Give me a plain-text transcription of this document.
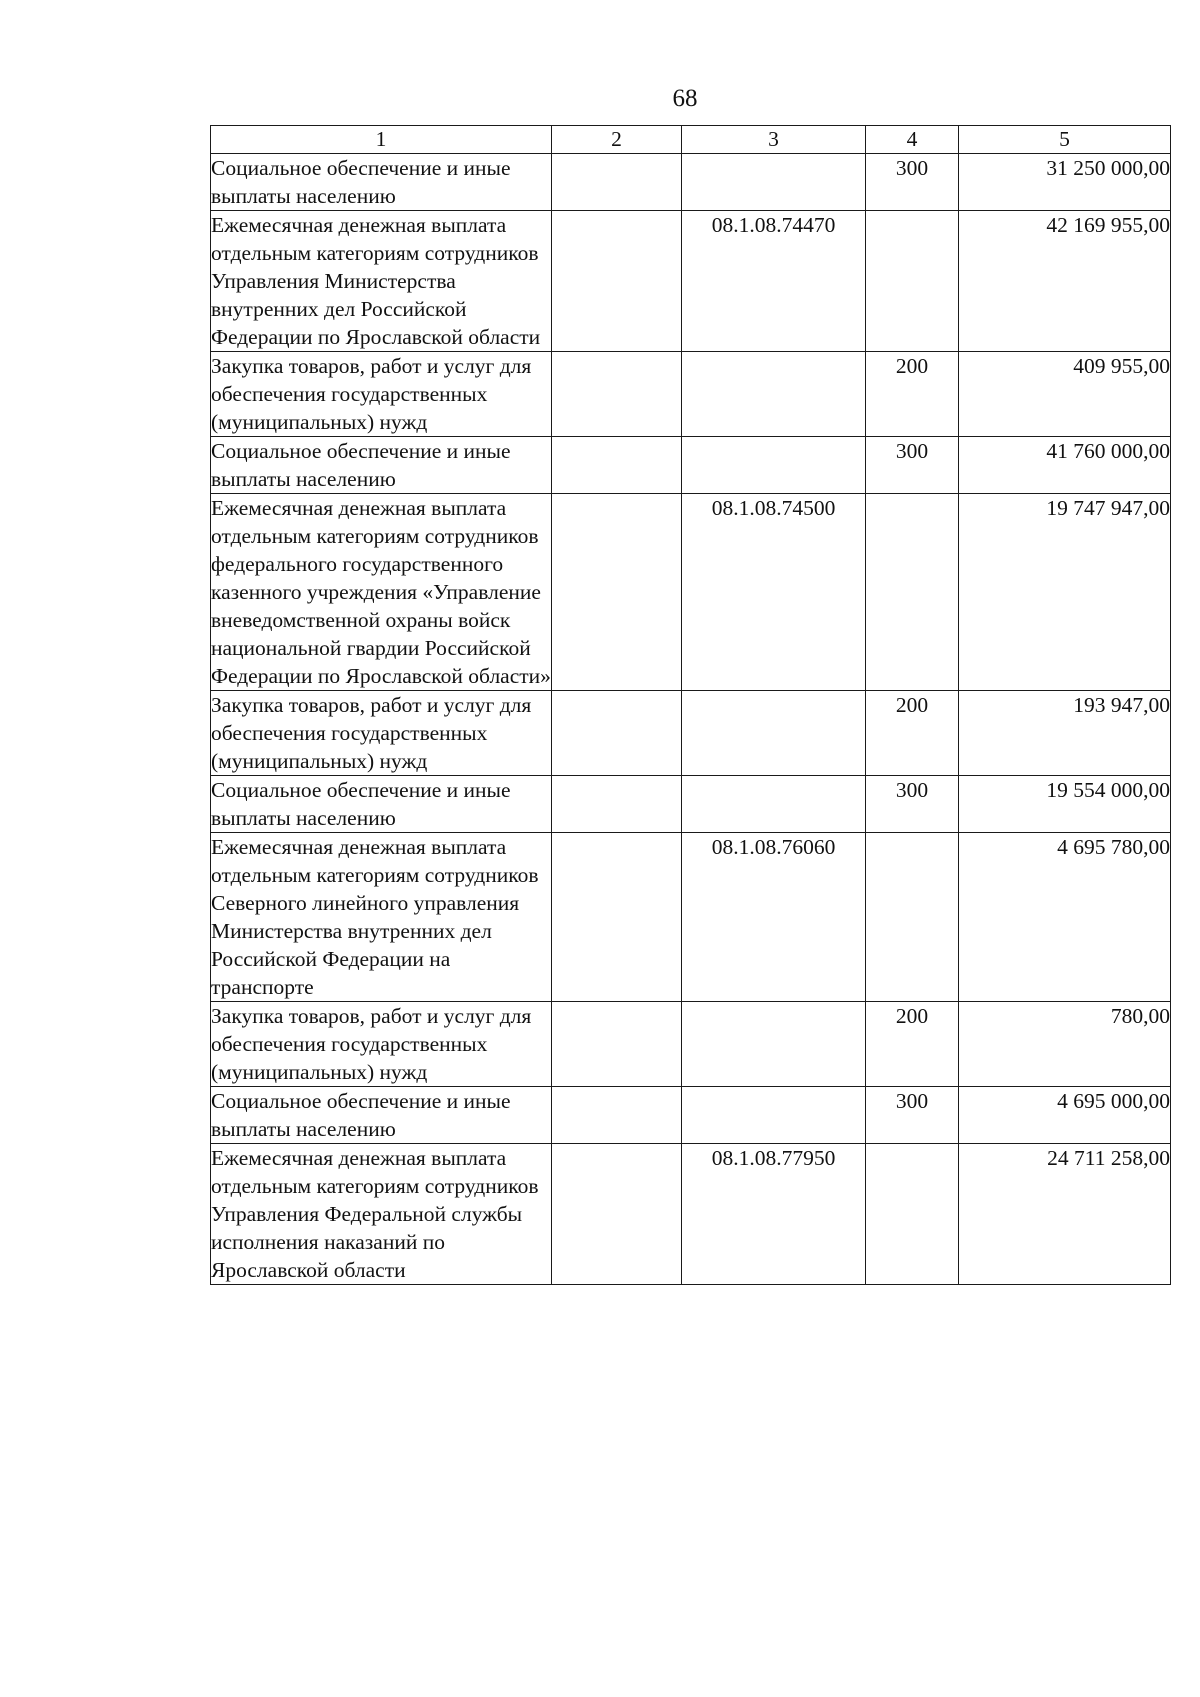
68
1	2	3	4	5
Социальное обеспечение и иные выплаты населению			300	31 250 000,00
Ежемесячная денежная выплата отдельным категориям сотрудников Управления Министерства внутренних дел Российской Федерации по Ярославской области		08.1.08.74470		42 169 955,00
Закупка товаров, работ и услуг для обеспечения государственных (муниципальных) нужд			200	409 955,00
Социальное обеспечение и иные выплаты населению			300	41 760 000,00
Ежемесячная денежная выплата отдельным категориям сотрудников федерального государственного казенного учреждения «Управление вневедомственной охраны войск национальной гвардии Российской Федерации по Ярославской области»		08.1.08.74500		19 747 947,00
Закупка товаров, работ и услуг для обеспечения государственных (муниципальных) нужд			200	193 947,00
Социальное обеспечение и иные выплаты населению			300	19 554 000,00
Ежемесячная денежная выплата отдельным категориям сотрудников Северного линейного управления Министерства внутренних дел Российской Федерации на транспорте		08.1.08.76060		4 695 780,00
Закупка товаров, работ и услуг для обеспечения государственных (муниципальных) нужд			200	780,00
Социальное обеспечение и иные выплаты населению			300	4 695 000,00
Ежемесячная денежная выплата отдельным категориям сотрудников Управления Федеральной службы исполнения наказаний по Ярославской области		08.1.08.77950		24 711 258,00
